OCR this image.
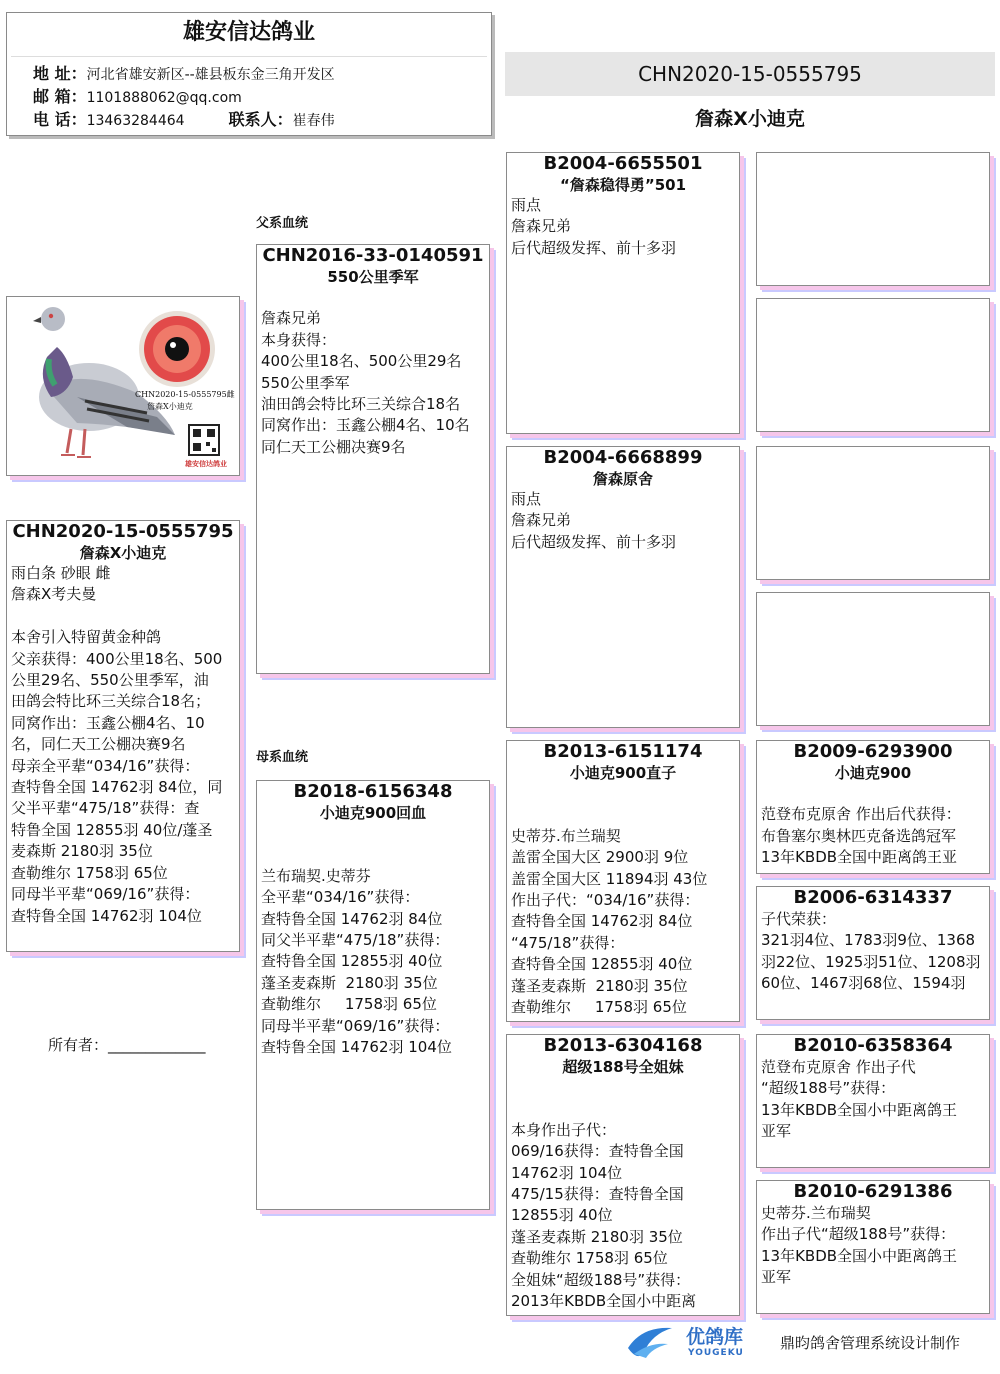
雄安信达鸽业
地 址：河北省雄安新区--雄县板东金三角开发区
邮 箱：1101888062@qq.com
电 话：13463284464	联系人：崔春伟
CHN2020-15-0555795
詹森X小迪克
父系血统
母系血统
CHN2020-15-0555795雌
詹森X小迪克
雄安信达鸽业
CHN2020-15-0555795
詹森X小迪克
雨白条 砂眼 雌
詹森X考夫曼

本舍引入特留黄金种鸽
父亲获得：400公里18名、500
公里29名、550公里季军，油
田鸽会特比环三关综合18名；
同窝作出：玉鑫公棚4名、10
名，同仁天工公棚决赛9名
母亲全平辈“034/16”获得：
查特鲁全国 14762羽 84位，同
父半平辈“475/18”获得：查
特鲁全国 12855羽 40位/蓬圣
麦森斯 2180羽 35位
查勒维尔 1758羽 65位
同母半平辈“069/16”获得：
查特鲁全国 14762羽 104位
所有者：_____________
CHN2016-33-0140591
550公里季军

詹森兄弟
本身获得：
400公里18名、500公里29名
550公里季军
油田鸽会特比环三关综合18名
同窝作出：玉鑫公棚4名、10名
同仁天工公棚决赛9名
B2018-6156348
小迪克900回血

兰布瑞契.史蒂芬
全平辈“034/16”获得：
查特鲁全国 14762羽 84位
同父半平辈“475/18”获得：
查特鲁全国 12855羽 40位
蓬圣麦森斯  2180羽 35位
查勒维尔     1758羽 65位
同母半平辈“069/16”获得：
查特鲁全国 14762羽 104位
B2004-6655501
“詹森稳得勇”501
雨点
詹森兄弟
后代超级发挥、前十多羽
B2004-6668899
詹森原舍
雨点
詹森兄弟
后代超级发挥、前十多羽
B2013-6151174
小迪克900直子

史蒂芬.布兰瑞契
盖雷全国大区 2900羽 9位
盖雷全国大区 11894羽 43位
作出子代：“034/16”获得：
查特鲁全国 14762羽 84位
“475/18”获得：
查特鲁全国 12855羽 40位
蓬圣麦森斯  2180羽 35位
查勒维尔     1758羽 65位
B2013-6304168
超级188号全姐妹

本身作出子代：
069/16获得：查特鲁全国
14762羽 104位
475/15获得：查特鲁全国
12855羽 40位
蓬圣麦森斯 2180羽 35位
查勒维尔 1758羽 65位
全姐妹“超级188号”获得：
2013年KBDB全国小中距离
B2009-6293900
小迪克900

范登布克原舍 作出后代获得：
布鲁塞尔奥林匹克备选鸽冠军
13年KBDB全国中距离鸽王亚
B2006-6314337
子代荣获：
321羽4位、1783羽9位、1368
羽22位、1925羽51位、1208羽
60位、1467羽68位、1594羽
B2010-6358364
范登布克原舍 作出子代
“超级188号”获得：
13年KBDB全国小中距离鸽王
亚军
B2010-6291386
史蒂芬.兰布瑞契
作出子代“超级188号”获得：
13年KBDB全国小中距离鸽王
亚军
优鸽库
YOUGEKU
鼎昀鸽舍管理系统设计制作
